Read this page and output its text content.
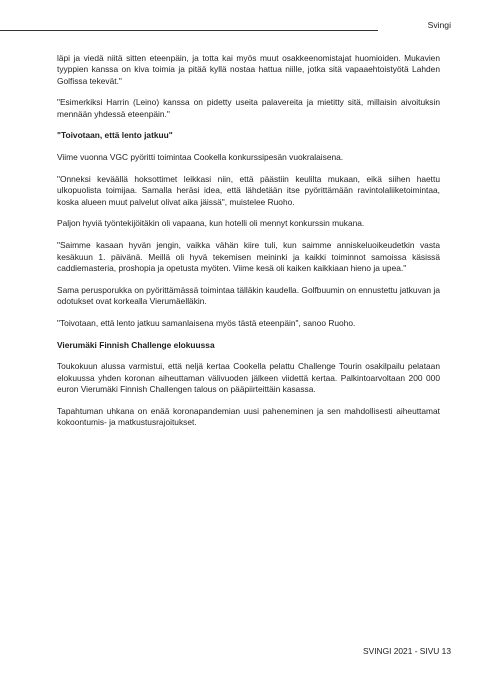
Svingi

läpi ja viedä niitä sitten eteenpäin, ja totta kai myös muut osakkeenomistajat huomioiden. Mukavien tyyppien kanssa on kiva toimia ja pitää kyllä nostaa hattua niille, jotka sitä vapaaehtoistyötä Lahden Golfissa tekevät."

"Esimerkiksi Harrin (Leino) kanssa on pidetty useita palavereita ja mietitty sitä, millaisin aivoituksin mennään yhdessä eteenpäin."

"Toivotaan, että lento jatkuu"

Viime vuonna VGC pyöritti toimintaa Cookella konkurssipesän vuokralaisena.

"Onneksi keväällä hoksottimet leikkasi niin, että päästiin keulilta mukaan, eikä siihen haettu ulkopuolista toimijaa. Samalla heräsi idea, että lähdetään itse pyörittämään ravintolaliiketoimintaa, koska alueen muut palvelut olivat aika jäissä", muistelee Ruoho.

Paljon hyviä työntekijöitäkin oli vapaana, kun hotelli oli mennyt konkurssin mukana.

"Saimme kasaan hyvän jengin, vaikka vähän kiire tuli, kun saimme anniskeluoikeudetkin vasta kesäkuun 1. päivänä. Meillä oli hyvä tekemisen meininki ja kaikki toiminnot samoissa käsissä caddiemasteria, proshopia ja opetusta myöten. Viime kesä oli kaiken kaikkiaan hieno ja upea."

Sama perusporukka on pyörittämässä toimintaa tälläkin kaudella. Golfbuumin on ennustettu jatkuvan ja odotukset ovat korkealla Vierumäelläkin.

"Toivotaan, että lento jatkuu samanlaisena myös tästä eteenpäin", sanoo Ruoho.

Vierumäki Finnish Challenge elokuussa

Toukokuun alussa varmistui, että neljä kertaa Cookella pelattu Challenge Tourin osakilpailu pelataan elokuussa yhden koronan aiheuttaman välivuoden jälkeen viidettä kertaa. Palkintoarvoltaan 200 000 euron Vierumäki Finnish Challengen talous on pääpiirteittäin kasassa.

Tapahtuman uhkana on enää koronapandemian uusi paheneminen ja sen mahdollisesti aiheuttamat kokoontumis- ja matkustusrajoitukset.

SVINGI 2021 - SIVU 13
